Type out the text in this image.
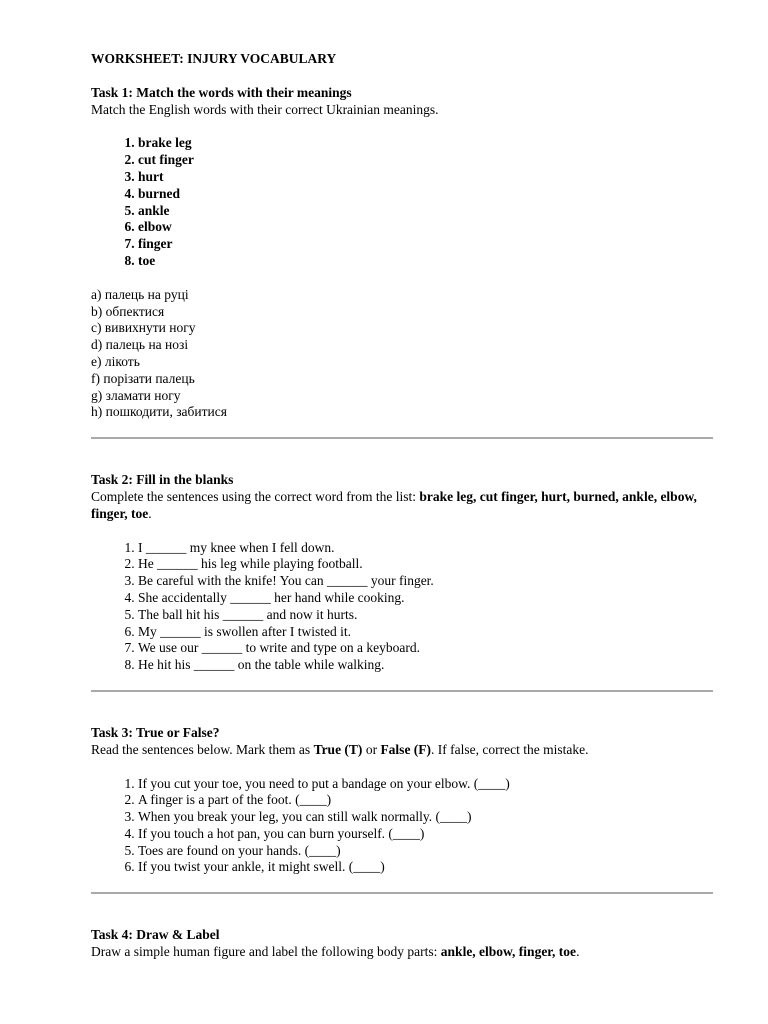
WORKSHEET: INJURY VOCABULARY

Task 1: Match the words with their meanings

Match the English words with their correct Ukrainian meanings.

1. brake leg
2. cut finger
3. hurt
4. burned
5. ankle
6. elbow
7. finger
8. toe

a) палець на руці

b) обпектися

c) вивихнути ногу

d) палець на нозі

e) лікоть

f) порізати палець

g) зламати ногу

h) пошкодити, забитися

Task 2: Fill in the blanks

Complete the sentences using the correct word from the list: brake leg, cut finger, hurt, burned, ankle, elbow, finger, toe.

1. I ______ my knee when I fell down.
2. He ______ his leg while playing football.
3. Be careful with the knife! You can ______ your finger.
4. She accidentally ______ her hand while cooking.
5. The ball hit his ______ and now it hurts.
6. My ______ is swollen after I twisted it.
7. We use our ______ to write and type on a keyboard.
8. He hit his ______ on the table while walking.

Task 3: True or False?

Read the sentences below. Mark them as True (T) or False (F). If false, correct the mistake.

1. If you cut your toe, you need to put a bandage on your elbow. (____)
2. A finger is a part of the foot. (____)
3. When you break your leg, you can still walk normally. (____)
4. If you touch a hot pan, you can burn yourself. (____)
5. Toes are found on your hands. (____)
6. If you twist your ankle, it might swell. (____)

Task 4: Draw & Label

Draw a simple human figure and label the following body parts: ankle, elbow, finger, toe.
